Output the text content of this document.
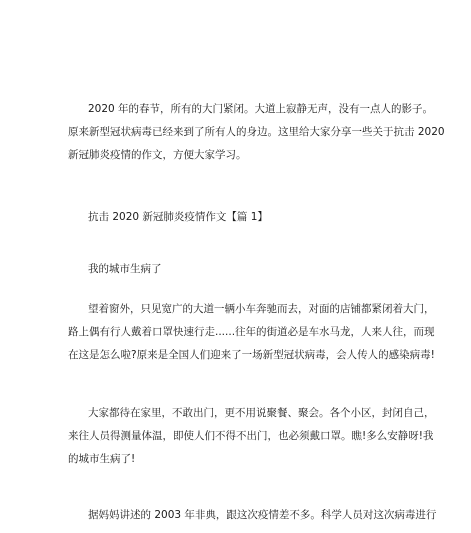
2020 年的春节，所有的大门紧闭。大道上寂静无声，没有一点人的影子。
原来新型冠状病毒已经来到了所有人的身边。这里给大家分享一些关于抗击 2020
新冠肺炎疫情的作文，方便大家学习。
抗击 2020 新冠肺炎疫情作文【篇 1】
我的城市生病了
望着窗外，只见宽广的大道一辆小车奔驰而去，对面的店铺都紧闭着大门，
路上偶有行人戴着口罩快速行走......往年的街道必是车水马龙，人来人往，而现
在这是怎么啦?原来是全国人们迎来了一场新型冠状病毒，会人传人的感染病毒!
大家都待在家里，不敢出门，更不用说聚餐、聚会。各个小区，封闭自己，
来往人员得测量体温，即使人们不得不出门，也必须戴口罩。瞧!多么安静呀!我
的城市生病了!
据妈妈讲述的 2003 年非典，跟这次疫情差不多。科学人员对这次病毒进行
